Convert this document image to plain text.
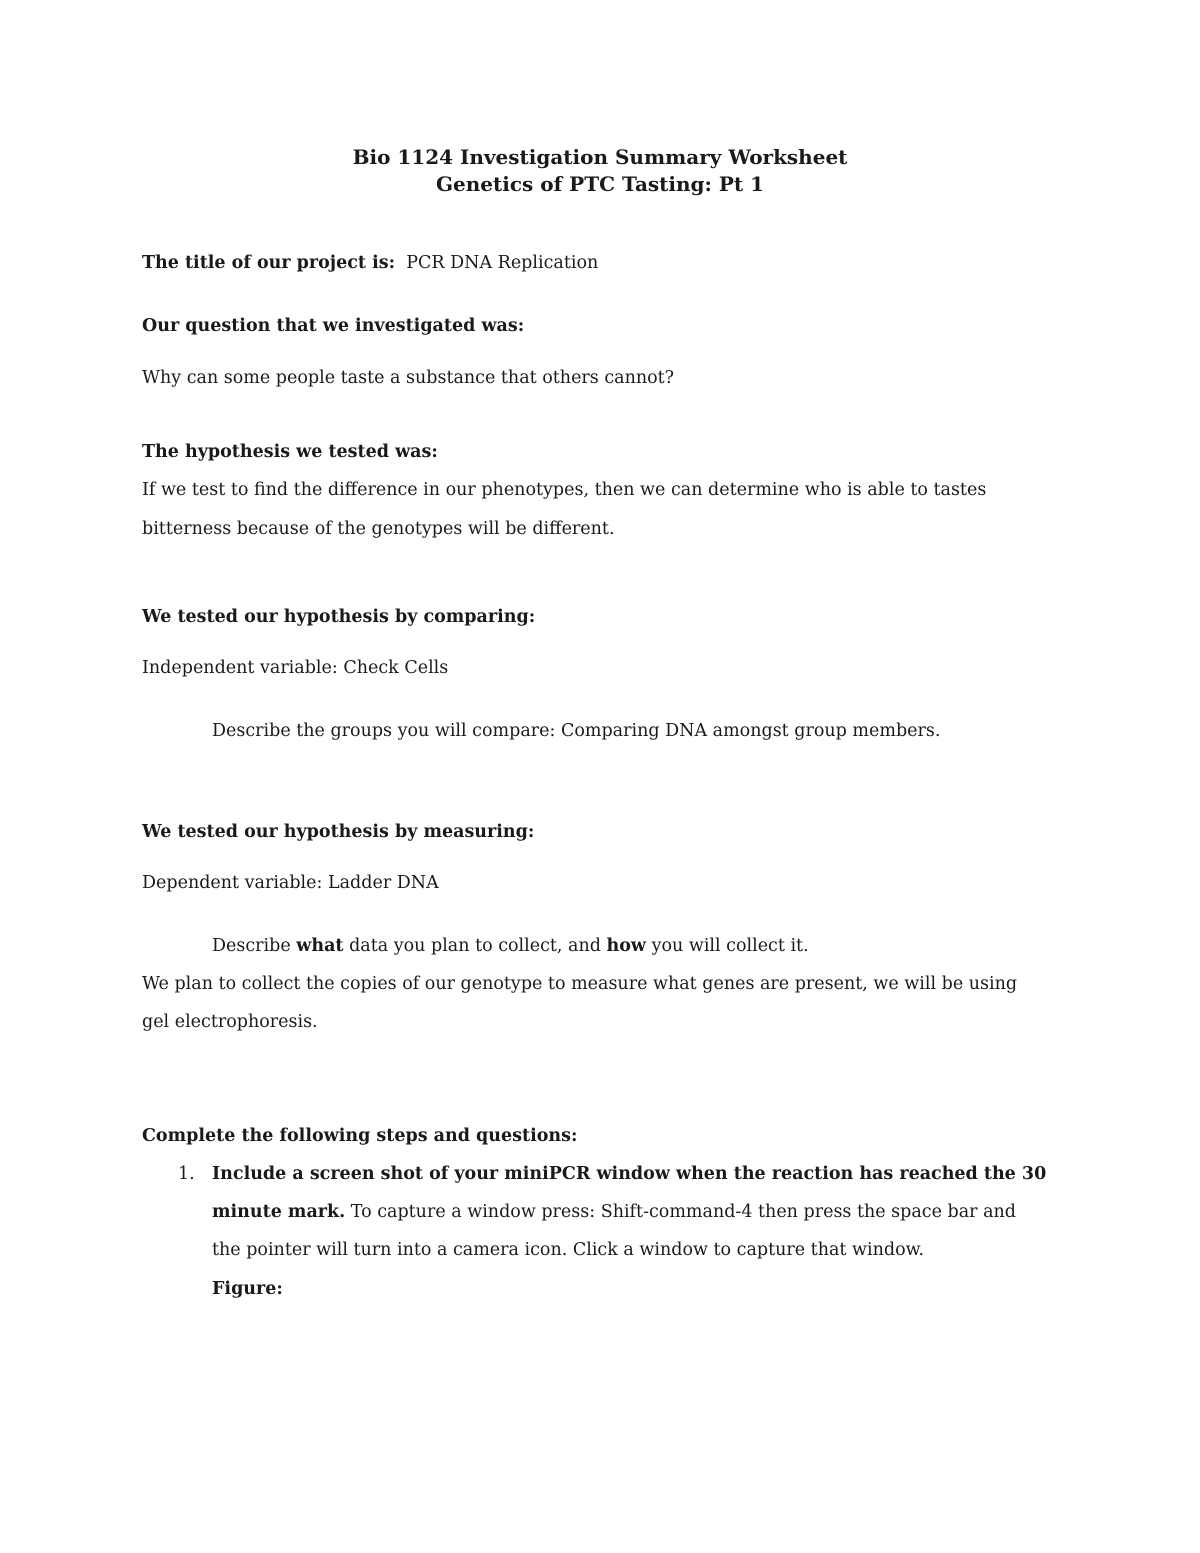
Bio 1124 Investigation Summary Worksheet
Genetics of PTC Tasting: Pt 1
The title of our project is: PCR DNA Replication
Our question that we investigated was:
Why can some people taste a substance that others cannot?
The hypothesis we tested was:
If we test to find the difference in our phenotypes, then we can determine who is able to tastes
bitterness because of the genotypes will be different.
We tested our hypothesis by comparing:
Independent variable: Check Cells
Describe the groups you will compare: Comparing DNA amongst group members.
We tested our hypothesis by measuring:
Dependent variable: Ladder DNA
Describe what data you plan to collect, and how you will collect it.
We plan to collect the copies of our genotype to measure what genes are present, we will be using
gel electrophoresis.
Complete the following steps and questions:
1. Include a screen shot of your miniPCR window when the reaction has reached the 30
minute mark. To capture a window press: Shift-command-4 then press the space bar and
the pointer will turn into a camera icon. Click a window to capture that window.
Figure:
